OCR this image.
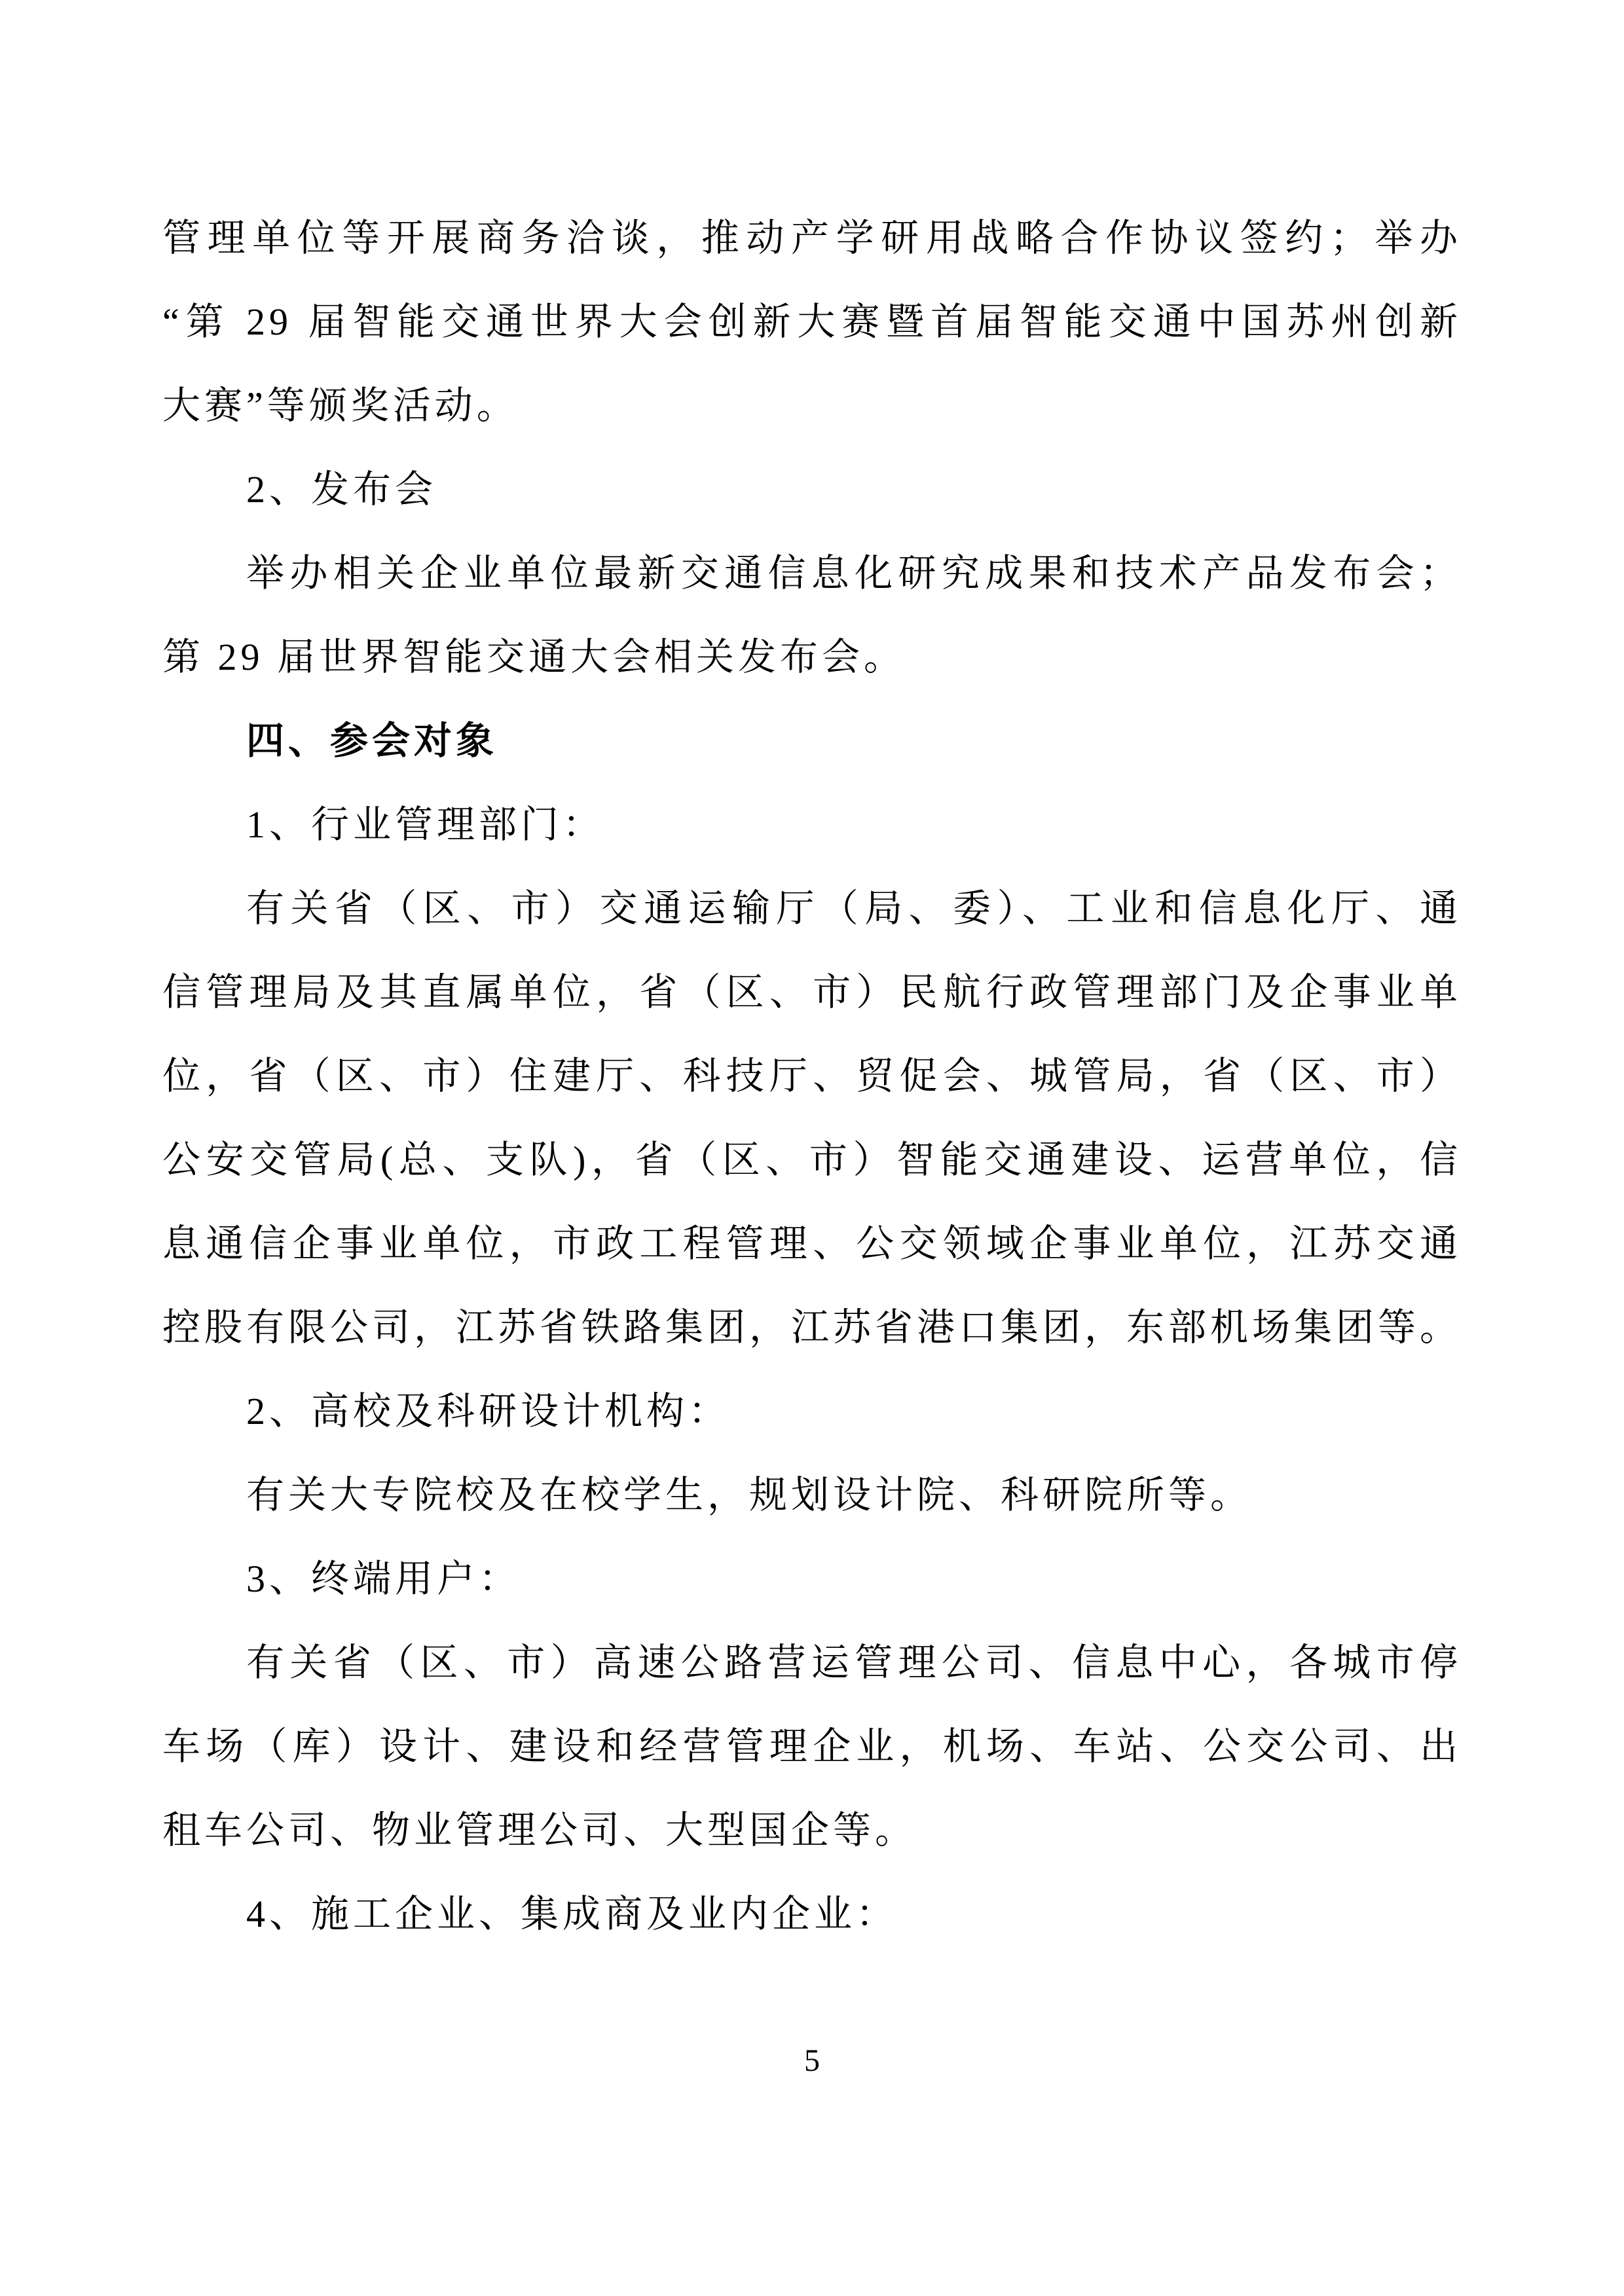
管理单位等开展商务洽谈，推动产学研用战略合作协议签约；举办
“第 29 届智能交通世界大会创新大赛暨首届智能交通中国苏州创新
大赛”等颁奖活动。
2、发布会
举办相关企业单位最新交通信息化研究成果和技术产品发布会；
第 29 届世界智能交通大会相关发布会。
四、参会对象
1、行业管理部门：
有关省（区、市）交通运输厅（局、委）、工业和信息化厅、通
信管理局及其直属单位，省（区、市）民航行政管理部门及企事业单
位，省（区、市）住建厅、科技厅、贸促会、城管局，省（区、市）
公安交管局(总、支队)，省（区、市）智能交通建设、运营单位，信
息通信企事业单位，市政工程管理、公交领域企事业单位，江苏交通
控股有限公司，江苏省铁路集团，江苏省港口集团，东部机场集团等。
2、高校及科研设计机构：
有关大专院校及在校学生，规划设计院、科研院所等。
3、终端用户：
有关省（区、市）高速公路营运管理公司、信息中心，各城市停
车场（库）设计、建设和经营管理企业，机场、车站、公交公司、出
租车公司、物业管理公司、大型国企等。
4、施工企业、集成商及业内企业：
5
